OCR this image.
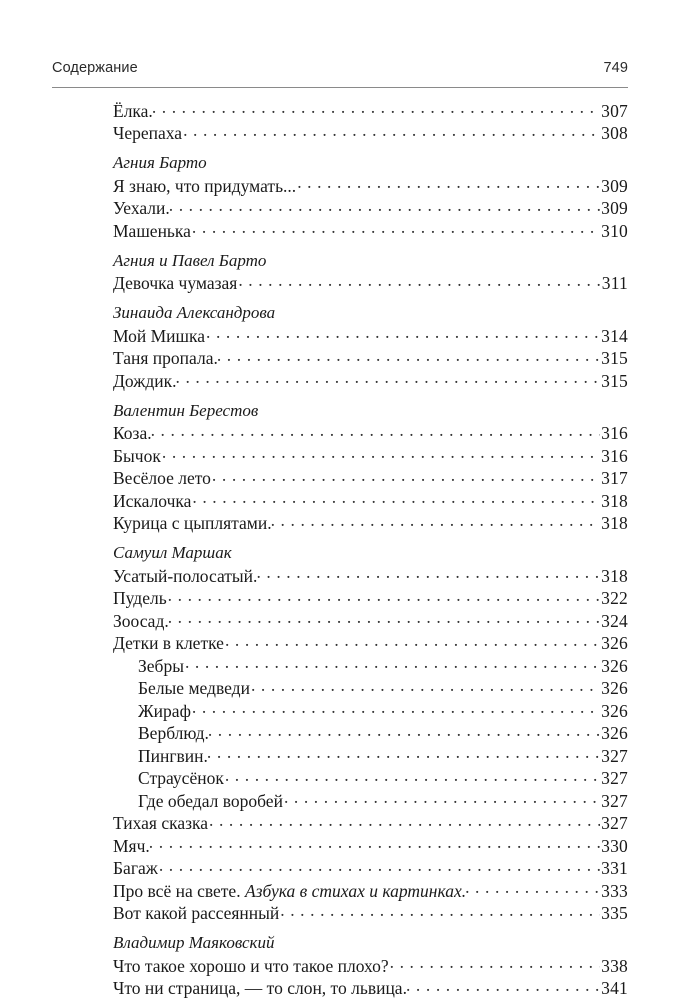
Содержание	749
Ёлка. . . .	307
Черепаха . . .	308
Агния Барто
Я знаю, что придумать... . . .	309
Уехали. . . .	309
Машенька . . .	310
Агния и Павел Барто
Девочка чумазая . . .	311
Зинаида Александрова
Мой Мишка . . .	314
Таня пропала. . . .	315
Дождик. . . .	315
Валентин Берестов
Коза. . . .	316
Бычок . . .	316
Весёлое лето . . .	317
Искалочка . . .	318
Курица с цыплятами. . . .	318
Самуил Маршак
Усатый-полосатый. . . .	318
Пудель . . .	322
Зоосад. . . .	324
Детки в клетке . . .	326
Зебры . . .	326
Белые медведи . . .	326
Жираф . . .	326
Верблюд. . . .	326
Пингвин. . . .	327
Страусёнок . . .	327
Где обедал воробей . . .	327
Тихая сказка . . .	327
Мяч. . . .	330
Багаж . . .	331
Про всё на свете. Азбука в стихах и картинках. . . .	333
Вот какой рассеянный . . .	335
Владимир Маяковский
Что такое хорошо и что такое плохо? . . .	338
Что ни страница, — то слон, то львица. . . .	341
